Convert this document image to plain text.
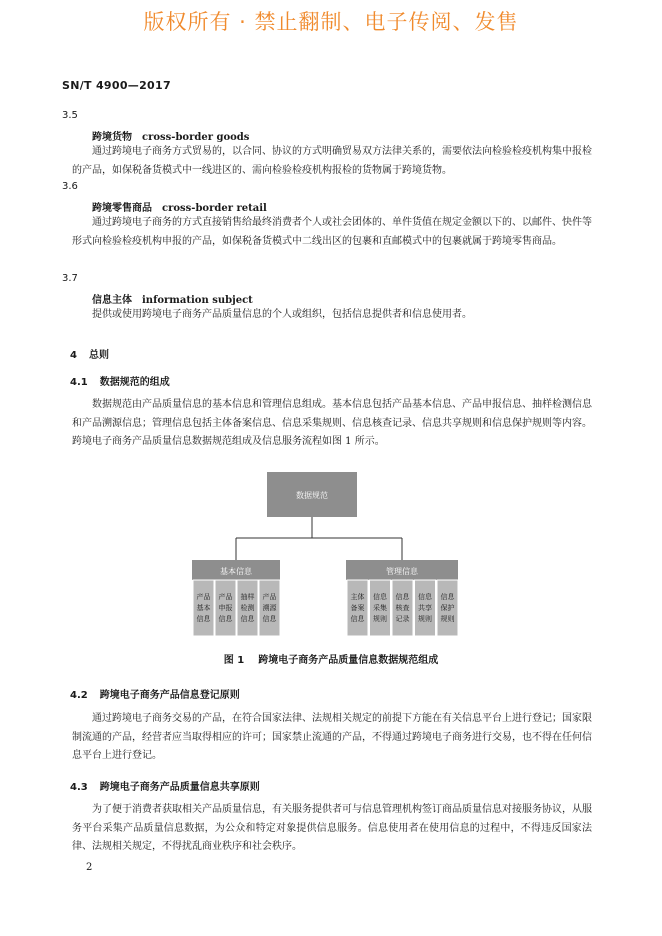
版权所有 · 禁止翻制、电子传阅、发售
SN/T 4900—2017
3.5
跨境货物 cross-border goods
通过跨境电子商务方式贸易的，以合同、协议的方式明确贸易双方法律关系的，需要依法向检验检疫机构集中报检的产品，如保税备货模式中一线进区的、需向检验检疫机构报检的货物属于跨境货物。
3.6
跨境零售商品 cross-border retail
通过跨境电子商务的方式直接销售给最终消费者个人或社会团体的、单件货值在规定金额以下的、以邮件、快件等形式向检验检疫机构申报的产品，如保税备货模式中二线出区的包裹和直邮模式中的包裹就属于跨境零售商品。
3.7
信息主体 information subject
提供或使用跨境电子商务产品质量信息的个人或组织，包括信息提供者和信息使用者。
4 总则
4.1 数据规范的组成
数据规范由产品质量信息的基本信息和管理信息组成。基本信息包括产品基本信息、产品申报信息、抽样检测信息和产品溯源信息；管理信息包括主体备案信息、信息采集规则、信息核查记录、信息共享规则和信息保护规则等内容。跨境电子商务产品质量信息数据规范组成及信息服务流程如图 1 所示。
数据规范
基本信息	管理信息
产品
基本
信息
产品
申报
信息
抽样
检测
信息
产品
溯源
信息
主体
备案
信息
信息
采集
规则
信息
核查
记录
信息
共享
规则
信息
保护
规则
图 1 跨境电子商务产品质量信息数据规范组成
4.2 跨境电子商务产品信息登记原则
通过跨境电子商务交易的产品，在符合国家法律、法规相关规定的前提下方能在有关信息平台上进行登记；国家限制流通的产品，经营者应当取得相应的许可；国家禁止流通的产品，不得通过跨境电子商务进行交易，也不得在任何信息平台上进行登记。
4.3 跨境电子商务产品质量信息共享原则
为了便于消费者获取相关产品质量信息，有关服务提供者可与信息管理机构签订商品质量信息对接服务协议，从服务平台采集产品质量信息数据，为公众和特定对象提供信息服务。信息使用者在使用信息的过程中，不得违反国家法律、法规相关规定，不得扰乱商业秩序和社会秩序。
2
